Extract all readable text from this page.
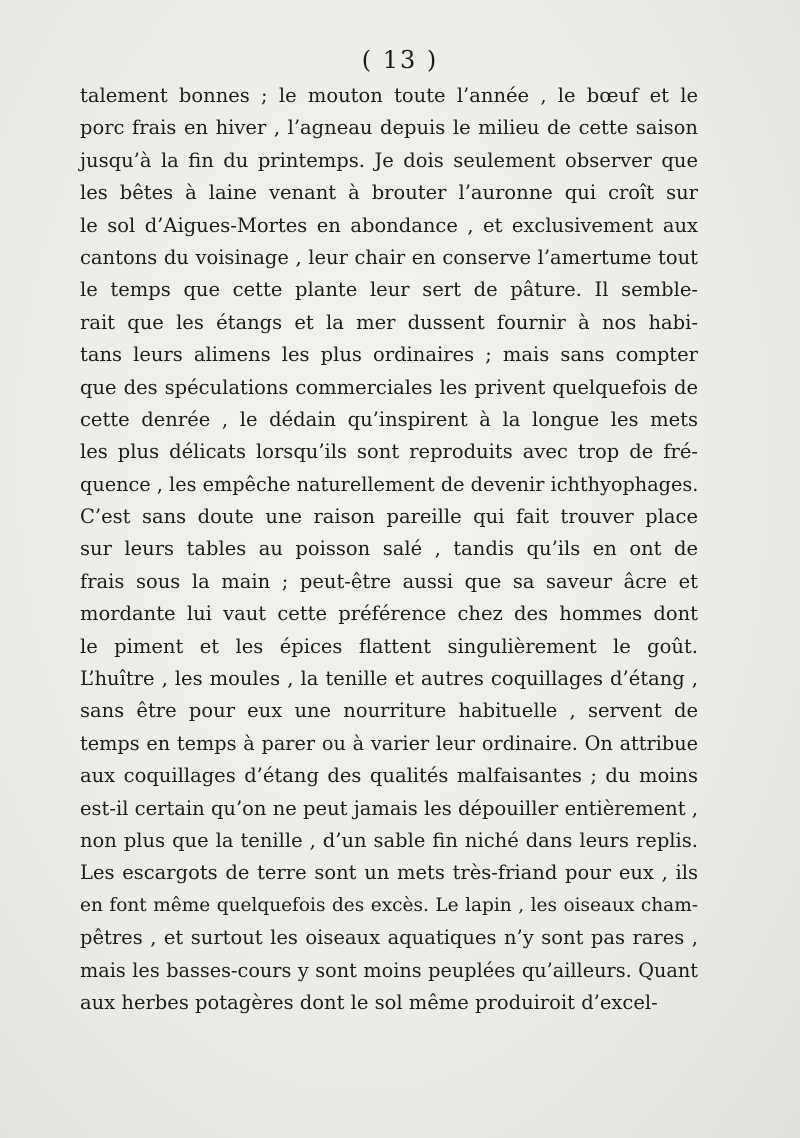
( 13 )
talement bonnes ; le mouton toute l’année , le bœuf et le
porc frais en hiver , l’agneau depuis le milieu de cette saison
jusqu’à la fin du printemps. Je dois seulement observer que
les bêtes à laine venant à brouter l’auronne qui croît sur
le sol d’Aigues-Mortes en abondance , et exclusivement aux
cantons du voisinage , leur chair en conserve l’amertume tout
le temps que cette plante leur sert de pâture. Il semble-
rait que les étangs et la mer dussent fournir à nos habi-
tans leurs alimens les plus ordinaires ; mais sans compter
que des spéculations commerciales les privent quelquefois de
cette denrée , le dédain qu’inspirent à la longue les mets
les plus délicats lorsqu’ils sont reproduits avec trop de fré-
quence , les empêche naturellement de devenir ichthyophages.
C’est sans doute une raison pareille qui fait trouver place
sur leurs tables au poisson salé , tandis qu’ils en ont de
frais sous la main ; peut-être aussi que sa saveur âcre et
mordante lui vaut cette préférence chez des hommes dont
le piment et les épices flattent singulièrement le goût.
L’huître , les moules , la tenille et autres coquillages d’étang ,
sans être pour eux une nourriture habituelle , servent de
temps en temps à parer ou à varier leur ordinaire. On attribue
aux coquillages d’étang des qualités malfaisantes ; du moins
est-il certain qu’on ne peut jamais les dépouiller entièrement ,
non plus que la tenille , d’un sable fin niché dans leurs replis.
Les escargots de terre sont un mets très-friand pour eux , ils
en font même quelquefois des excès. Le lapin , les oiseaux cham-
pêtres , et surtout les oiseaux aquatiques n’y sont pas rares ,
mais les basses-cours y sont moins peuplées qu’ailleurs. Quant
aux herbes potagères dont le sol même produiroit d’excel-
